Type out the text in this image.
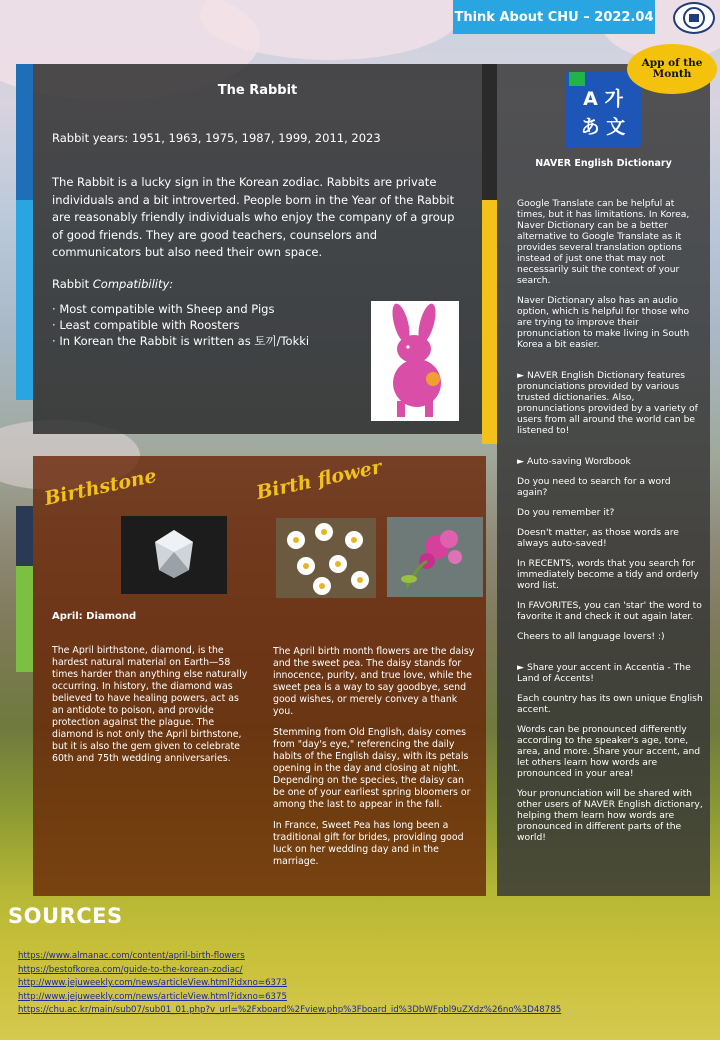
Think About CHU – 2022.04
The Rabbit
Rabbit years: 1951, 1963, 1975, 1987, 1999, 2011, 2023
The Rabbit is a lucky sign in the Korean zodiac. Rabbits are private individuals and a bit introverted. People born in the Year of the Rabbit are reasonably friendly individuals who enjoy the company of a group of good friends. They are good teachers, counselors and communicators but also need their own space.
Rabbit Compatibility:
· Most compatible with Sheep and Pigs
· Least compatible with Roosters
· In Korean the Rabbit is written as 토끼/Tokki
Birthstone	Birth flower
April: Diamond
The April birthstone, diamond, is the hardest natural material on Earth—58 times harder than anything else naturally occurring. In history, the diamond was believed to have healing powers, act as an antidote to poison, and provide protection against the plague. The diamond is not only the April birthstone, but it is also the gem given to celebrate 60th and 75th wedding anniversaries.

The April birth month flowers are the daisy and the sweet pea. The daisy stands for innocence, purity, and true love, while the sweet pea is a way to say goodbye, send good wishes, or merely convey a thank you.

Stemming from Old English, daisy comes from "day's eye," referencing the daily habits of the English daisy, with its petals opening in the day and closing at night. Depending on the species, the daisy can be one of your earliest spring bloomers or among the last to appear in the fall.

In France, Sweet Pea has long been a traditional gift for brides, providing good luck on her wedding day and in the marriage.

A 가
あ 文
NAVER English Dictionary

Google Translate can be helpful at times, but it has limitations. In Korea, Naver Dictionary can be a better alternative to Google Translate as it provides several translation options instead of just one that may not necessarily suit the context of your search.

Naver Dictionary also has an audio option, which is helpful for those who are trying to improve their pronunciation to make living in South Korea a bit easier.

► NAVER English Dictionary features pronunciations provided by various trusted dictionaries. Also, pronunciations provided by a variety of users from all around the world can be listened to!

► Auto-saving Wordbook

Do you need to search for a word again?

Do you remember it?

Doesn't matter, as those words are always auto-saved!

In RECENTS, words that you search for immediately become a tidy and orderly word list.

In FAVORITES, you can 'star' the word to favorite it and check it out again later.

Cheers to all language lovers! :)

► Share your accent in Accentia - The Land of Accents!

Each country has its own unique English accent.

Words can be pronounced differently according to the speaker's age, tone, area, and more. Share your accent, and let others learn how words are pronounced in your area!

Your pronunciation will be shared with other users of NAVER English dictionary, helping them learn how words are pronounced in different parts of the world!

App of the Month
SOURCES
https://www.almanac.com/content/april-birth-flowers
https://bestofkorea.com/guide-to-the-korean-zodiac/
http://www.jejuweekly.com/news/articleView.html?idxno=6373
http://www.jejuweekly.com/news/articleView.html?idxno=6375
https://chu.ac.kr/main/sub07/sub01_01.php?v_url=%2Fxboard%2Fview.php%3Fboard_id%3DbWFpbl9uZXdz%26no%3D48785
